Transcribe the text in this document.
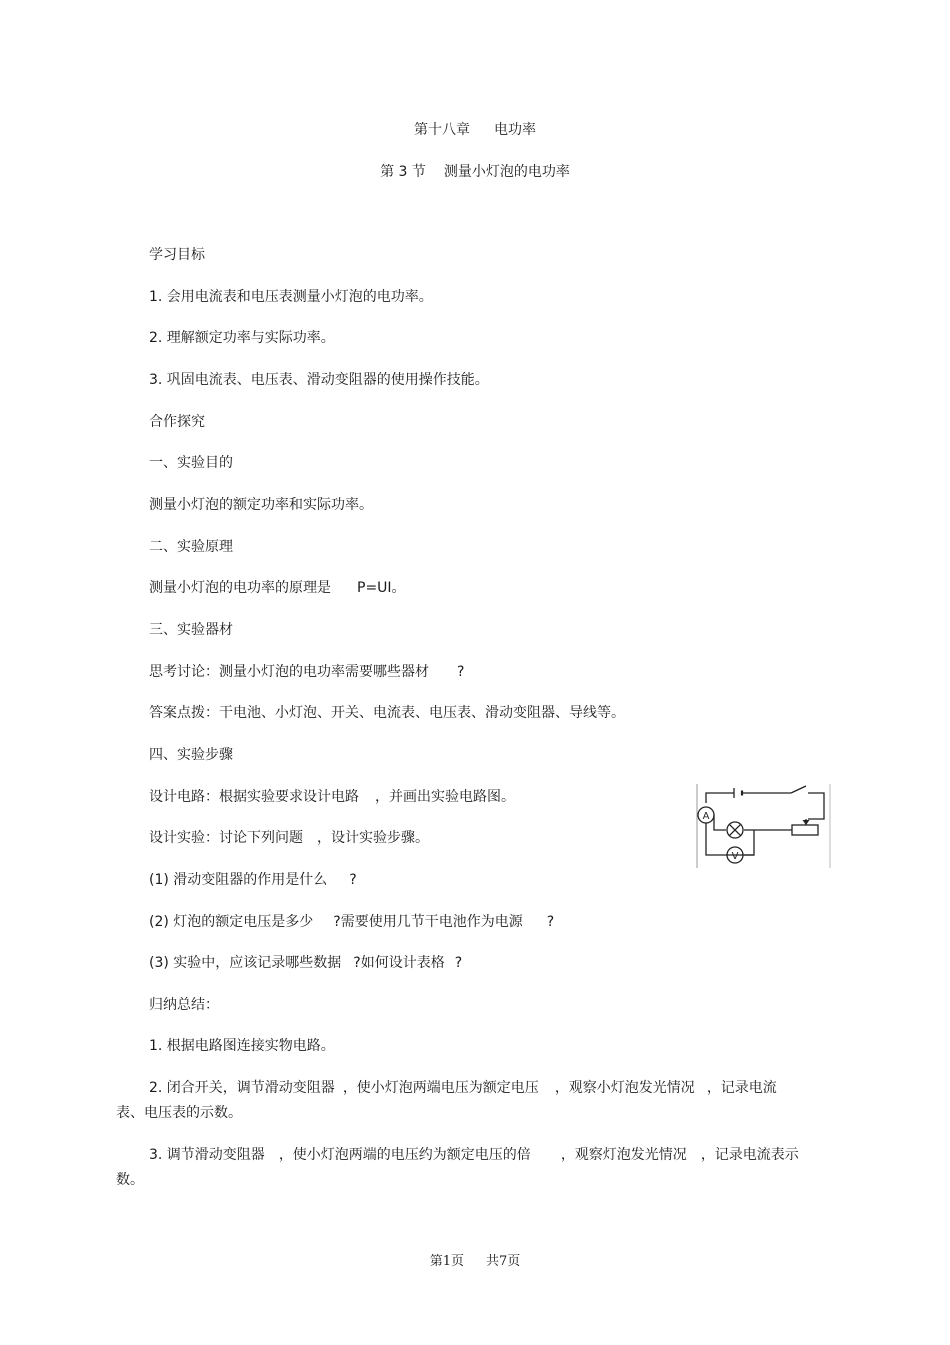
第十八章 电功率
第 3 节 测量小灯泡的电功率
学习目标
1. 会用电流表和电压表测量小灯泡的电功率。
2. 理解额定功率与实际功率。
3. 巩固电流表、电压表、滑动变阻器的使用操作技能。
合作探究
一、实验目的
测量小灯泡的额定功率和实际功率。
二、实验原理
测量小灯泡的电功率的原理是 P=UI。
三、实验器材
思考讨论：测量小灯泡的电功率需要哪些器材 ?
答案点拨：干电池、小灯泡、开关、电流表、电压表、滑动变阻器、导线等。
四、实验步骤
设计电路：根据实验要求设计电路 ，并画出实验电路图。
设计实验：讨论下列问题 ，设计实验步骤。
(1) 滑动变阻器的作用是什么 ?
(2) 灯泡的额定电压是多少 ?需要使用几节干电池作为电源 ?
(3) 实验中，应该记录哪些数据 ?如何设计表格 ?
归纳总结：
1. 根据电路图连接实物电路。
2. 闭合开关，调节滑动变阻器 ，使小灯泡两端电压为额定电压 ，观察小灯泡发光情况 ，记录电流
表、电压表的示数。
3. 调节滑动变阻器 ，使小灯泡两端的电压约为额定电压的倍 ，观察灯泡发光情况 ，记录电流表示
数。
A
V
第1页 共7页
